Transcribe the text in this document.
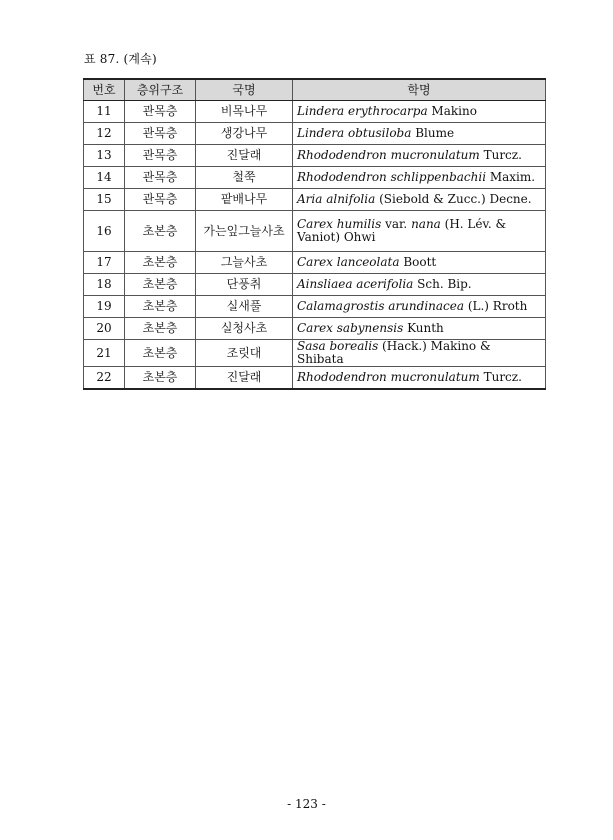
표 87. (계속)
번호	층위구조	국명	학명
11	관목층	비목나무	Lindera erythrocarpa Makino
12	관목층	생강나무	Lindera obtusiloba Blume
13	관목층	진달래	Rhododendron mucronulatum Turcz.
14	관목층	철쭉	Rhododendron schlippenbachii Maxim.
15	관목층	팥배나무	Aria alnifolia (Siebold & Zucc.) Decne.
16	초본층	가는잎그늘사초	Carex humilis var. nana (H. Lév. & Vaniot) Ohwi
17	초본층	그늘사초	Carex lanceolata Boott
18	초본층	단풍취	Ainsliaea acerifolia Sch. Bip.
19	초본층	실새풀	Calamagrostis arundinacea (L.) Rroth
20	초본층	실청사초	Carex sabynensis Kunth
21	초본층	조릿대	Sasa borealis (Hack.) Makino & Shibata
22	초본층	진달래	Rhododendron mucronulatum Turcz.
- 123 -
